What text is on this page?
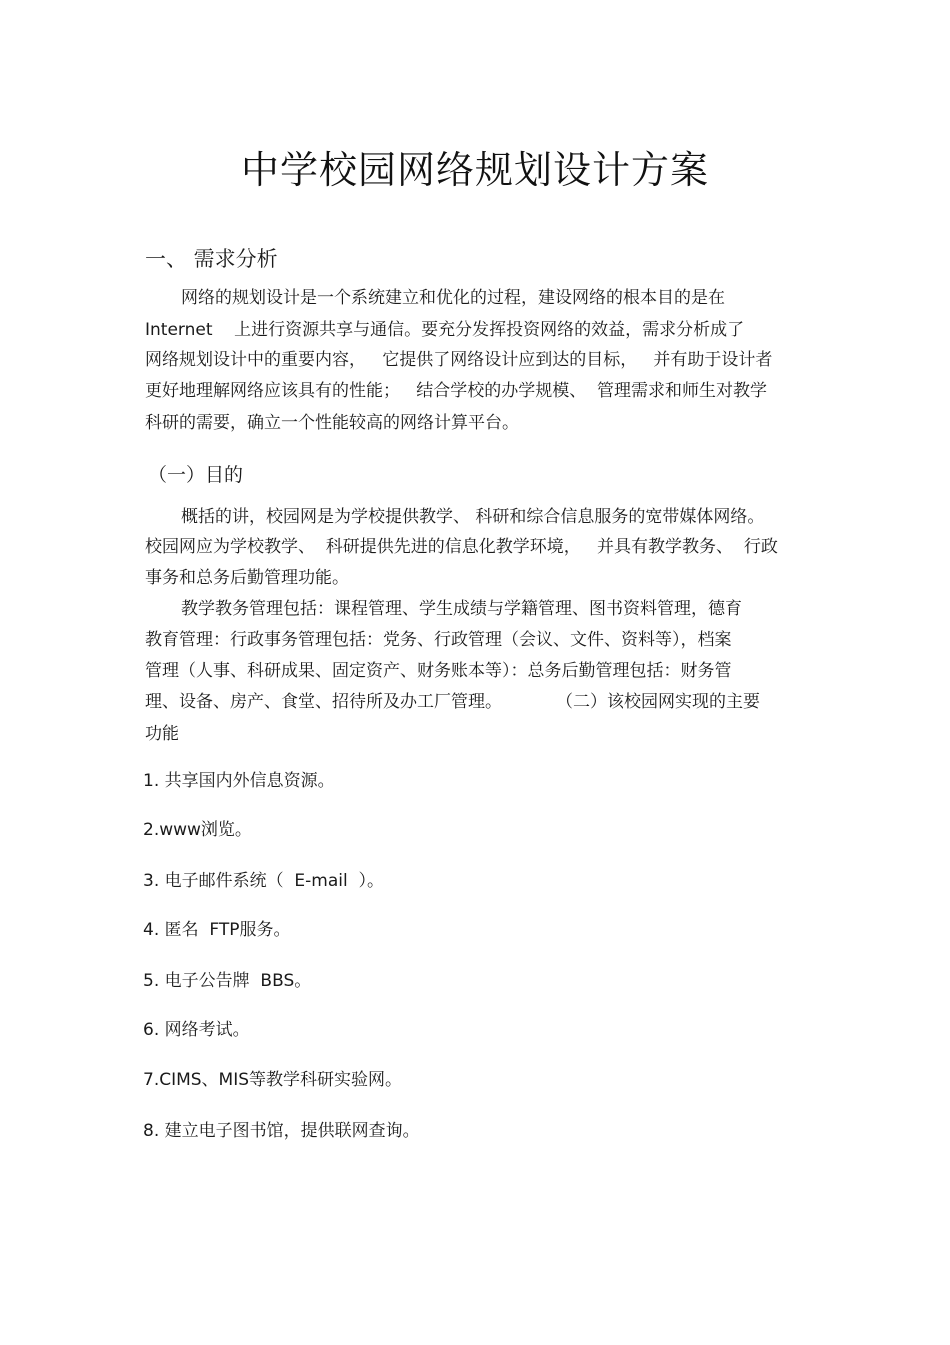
中学校园网络规划设计方案
一、 需求分析
网络的规划设计是一个系统建立和优化的过程，建设网络的根本目的是在
Internet    上进行资源共享与通信。要充分发挥投资网络的效益，需求分析成了
网络规划设计中的重要内容，   它提供了网络设计应到达的目标，   并有助于设计者
更好地理解网络应该具有的性能；   结合学校的办学规模、  管理需求和师生对教学
科研的需要，确立一个性能较高的网络计算平台。
（一）目的
概括的讲，校园网是为学校提供教学、 科研和综合信息服务的宽带媒体网络。
校园网应为学校教学、  科研提供先进的信息化教学环境，   并具有教学教务、  行政
事务和总务后勤管理功能。
教学教务管理包括：课程管理、学生成绩与学籍管理、图书资料管理，德育
教育管理：行政事务管理包括：党务、行政管理（会议、文件、资料等），档案
管理（人事、科研成果、固定资产、财务账本等）：总务后勤管理包括：财务管
理、设备、房产、食堂、招待所及办工厂管理。          （二）该校园网实现的主要
功能
1. 共享国内外信息资源。
2.www浏览。
3. 电子邮件系统（  E-mail  ）。
4. 匿名  FTP服务。
5. 电子公告牌  BBS。
6. 网络考试。
7.CIMS、MIS等教学科研实验网。
8. 建立电子图书馆，提供联网查询。
